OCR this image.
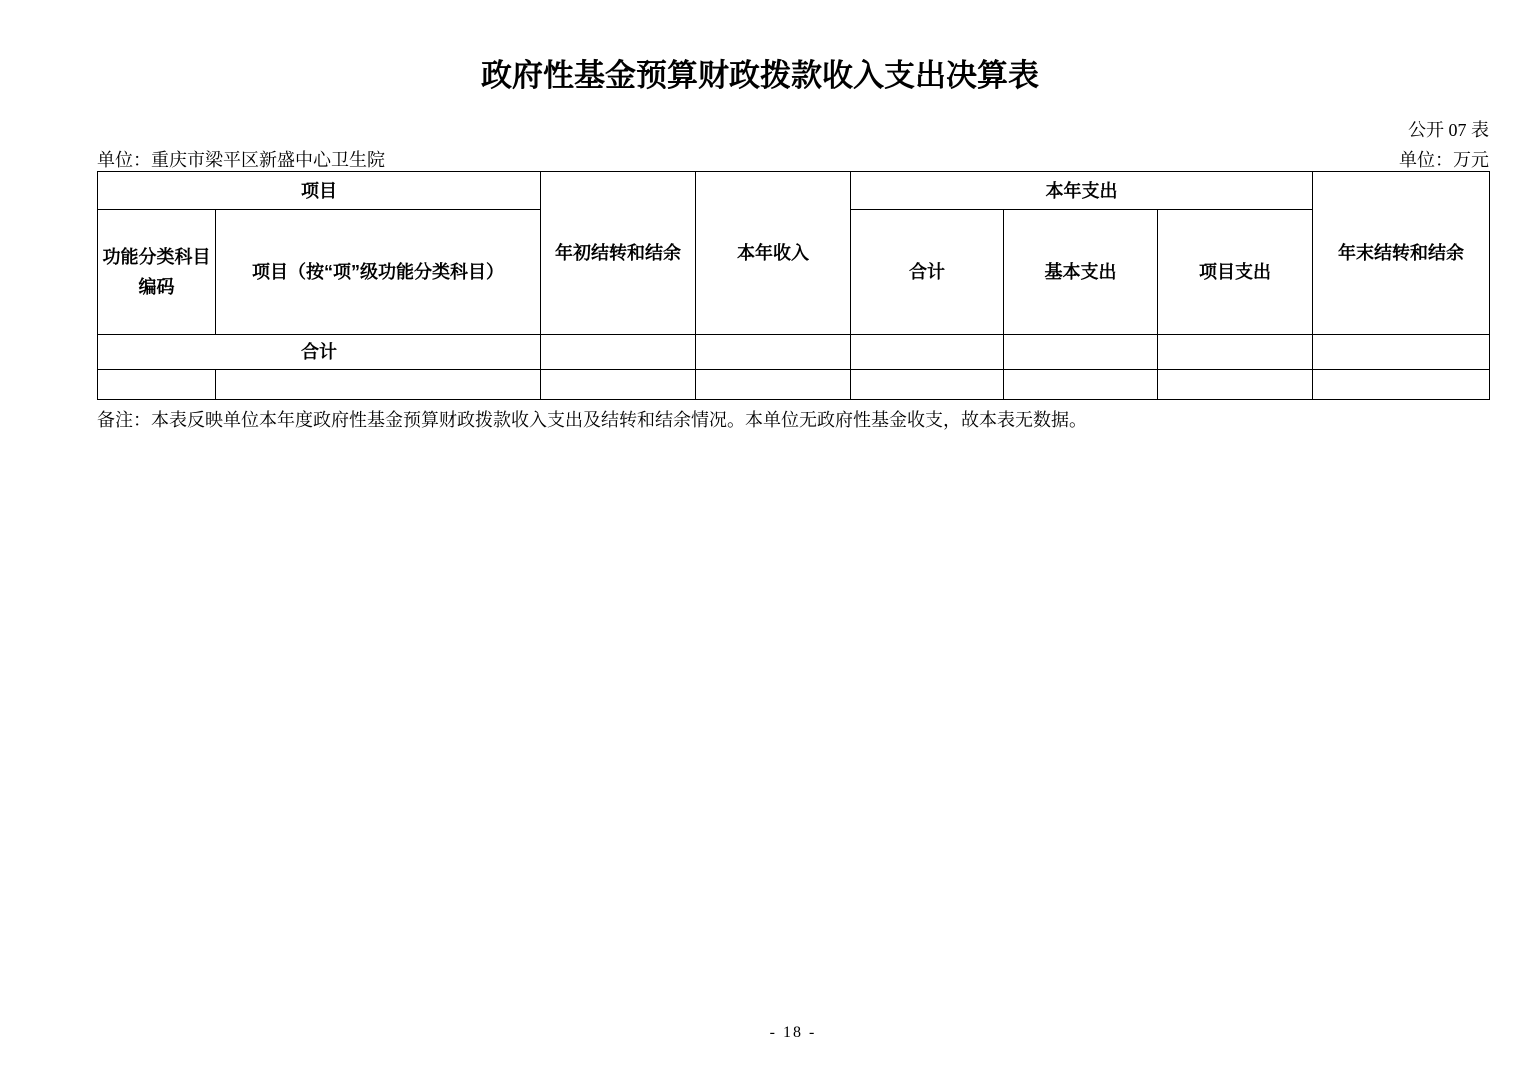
政府性基金预算财政拨款收入支出决算表
公开 07 表
单位：重庆市梁平区新盛中心卫生院	单位：万元
项目		年初结转和结余	本年收入	本年支出			年末结转和结余
功能分类科目编码	项目（按“项”级功能分类科目）			合计	基本支出	项目支出	
合计							

备注：本表反映单位本年度政府性基金预算财政拨款收入支出及结转和结余情况。本单位无政府性基金收支，故本表无数据。

- 18 -
